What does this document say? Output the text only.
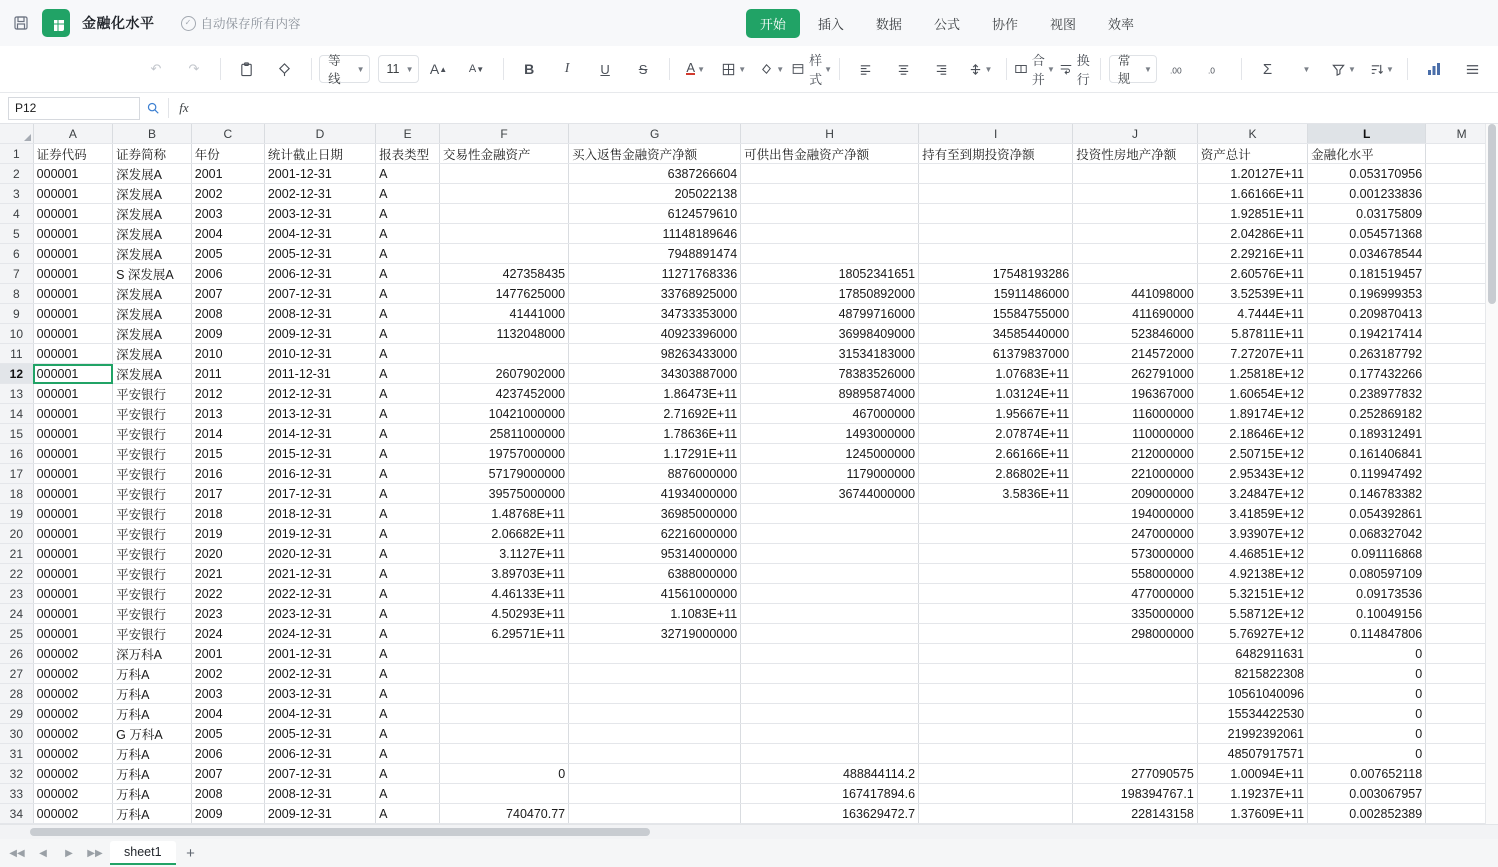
金融化水平	✓ 自动保存所有内容	开始	插入	数据	公式	协作	视图	效率
↶	↷	等线
▼ 11 ▼ A ▲ A ▼	B	I	U	S	A ▼	▼	▼
样式
▼	▼
合并
▼
换行
常规
▼ .00	.0	Σ	▼	▼	▼
P12	fx
	A	B	C	D	E	F	G	H	I	J	K	L	M
1	证券代码	证券简称	年份	统计截止日期	报表类型	交易性金融资产	买入返售金融资产净额	可供出售金融资产净额	持有至到期投资净额	投资性房地产净额	资产总计	金融化水平	
2	000001	深发展A	2001	2001-12-31	A		6387266604				1.20127E+11	0.053170956	
3	000001	深发展A	2002	2002-12-31	A		205022138				1.66166E+11	0.001233836	
4	000001	深发展A	2003	2003-12-31	A		6124579610				1.92851E+11	0.03175809	
5	000001	深发展A	2004	2004-12-31	A		11148189646				2.04286E+11	0.054571368	
6	000001	深发展A	2005	2005-12-31	A		7948891474				2.29216E+11	0.034678544	
7	000001	S 深发展A	2006	2006-12-31	A	427358435	11271768336	18052341651	17548193286		2.60576E+11	0.181519457	
8	000001	深发展A	2007	2007-12-31	A	1477625000	33768925000	17850892000	15911486000	441098000	3.52539E+11	0.196999353	
9	000001	深发展A	2008	2008-12-31	A	41441000	34733353000	48799716000	15584755000	411690000	4.7444E+11	0.209870413	
10	000001	深发展A	2009	2009-12-31	A	1132048000	40923396000	36998409000	34585440000	523846000	5.87811E+11	0.194217414	
11	000001	深发展A	2010	2010-12-31	A		98263433000	31534183000	61379837000	214572000	7.27207E+11	0.263187792	
12	000001	深发展A	2011	2011-12-31	A	2607902000	34303887000	78383526000	1.07683E+11	262791000	1.25818E+12	0.177432266	
13	000001	平安银行	2012	2012-12-31	A	4237452000	1.86473E+11	89895874000	1.03124E+11	196367000	1.60654E+12	0.238977832	
14	000001	平安银行	2013	2013-12-31	A	10421000000	2.71692E+11	467000000	1.95667E+11	116000000	1.89174E+12	0.252869182	
15	000001	平安银行	2014	2014-12-31	A	25811000000	1.78636E+11	1493000000	2.07874E+11	110000000	2.18646E+12	0.189312491	
16	000001	平安银行	2015	2015-12-31	A	19757000000	1.17291E+11	1245000000	2.66166E+11	212000000	2.50715E+12	0.161406841	
17	000001	平安银行	2016	2016-12-31	A	57179000000	8876000000	1179000000	2.86802E+11	221000000	2.95343E+12	0.119947492	
18	000001	平安银行	2017	2017-12-31	A	39575000000	41934000000	36744000000	3.5836E+11	209000000	3.24847E+12	0.146783382	
19	000001	平安银行	2018	2018-12-31	A	1.48768E+11	36985000000			194000000	3.41859E+12	0.054392861	
20	000001	平安银行	2019	2019-12-31	A	2.06682E+11	62216000000			247000000	3.93907E+12	0.068327042	
21	000001	平安银行	2020	2020-12-31	A	3.1127E+11	95314000000			573000000	4.46851E+12	0.091116868	
22	000001	平安银行	2021	2021-12-31	A	3.89703E+11	6388000000			558000000	4.92138E+12	0.080597109	
23	000001	平安银行	2022	2022-12-31	A	4.46133E+11	41561000000			477000000	5.32151E+12	0.09173536	
24	000001	平安银行	2023	2023-12-31	A	4.50293E+11	1.1083E+11			335000000	5.58712E+12	0.10049156	
25	000001	平安银行	2024	2024-12-31	A	6.29571E+11	32719000000			298000000	5.76927E+12	0.114847806	
26	000002	深万科A	2001	2001-12-31	A						6482911631	0	
27	000002	万科A	2002	2002-12-31	A						8215822308	0	
28	000002	万科A	2003	2003-12-31	A						10561040096	0	
29	000002	万科A	2004	2004-12-31	A						15534422530	0	
30	000002	G 万科A	2005	2005-12-31	A						21992392061	0	
31	000002	万科A	2006	2006-12-31	A						48507917571	0	
32	000002	万科A	2007	2007-12-31	A	0		488844114.2		277090575	1.00094E+11	0.007652118	
33	000002	万科A	2008	2008-12-31	A			167417894.6		198394767.1	1.19237E+11	0.003067957	
34	000002	万科A	2009	2009-12-31	A	740470.77		163629472.7		228143158	1.37609E+11	0.002852389	
◀◀	◀	▶	▶▶	sheet1	+
